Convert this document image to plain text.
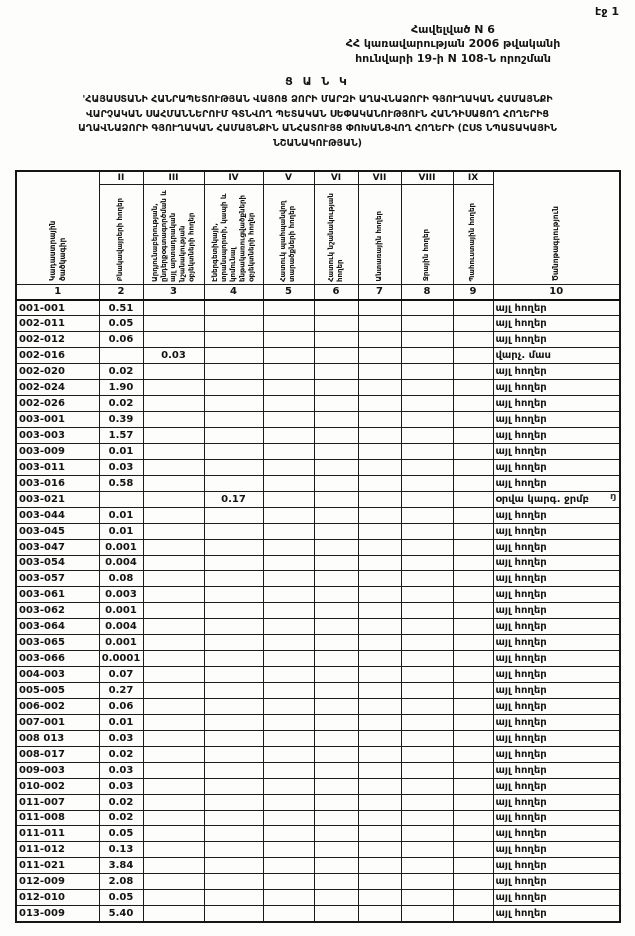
էջ 1
Հավելված N 6
ՀՀ կառավարության 2006 թվականի
հունվարի 19-ի N 108-Ն որոշման
Ց Ա Ն Կ
'ՀԱՅԱՍՏԱՆԻ ՀԱՆՐԱՊԵՏՈՒԹՅԱՆ ՎԱՅՈՑ ՁՈՐԻ ՄԱՐԶԻ ԱՂԱՎՆԱՁՈՐԻ ԳՅՈՒՂԱԿԱՆ ՀԱՄԱՅՆՔԻ
ՎԱՐՉԱԿԱՆ ՍԱՀՄԱՆՆԵՐՈՒՄ ԳՏՆՎՈՂ ՊԵՏԱԿԱՆ ՍԵՓԱԿԱՆՈՒԹՅՈՒՆ ՀԱՆԴԻՍԱՑՈՂ ՀՈՂԵՐԻՑ
ԱՂԱՎՆԱՁՈՐԻ ԳՅՈՒՂԱԿԱՆ ՀԱՄԱՅՆՔԻՆ ԱՆՀԱՏՈՒՅՑ ՓՈԽԱՆՑՎՈՂ ՀՈՂԵՐԻ (ԸՍՏ ՆՊԱՏԱԿԱՅԻՆ
ՆՇԱՆԱԿՈՒԹՅԱՆ)
Կադաստրային ծածկագիր	II	III	IV	V	VI	VII	VIII	IX	Ծանոթագրություն

	Բնակավայրերի հողեր	Արդյունաբերության, ընդերքօգտագործման և այլ արտադրական նշանակության օբյեկտների հողեր	Էներգետիկայի, տրանսպորտի, կապի և կոմունալ ենթակառուցվածքների օբյեկտների հողեր	Հատուկ պահպանվող տարածքների հողեր	Հատուկ նշանակության հողեր	Անտառային հողեր	Ջրային հողեր	Պահուստային հողեր	

1	2	3	4	5	6	7	8	9	10
001-001	0.51								այլ հողեր
002-011	0.05								այլ հողեր
002-012	0.06								այլ հողեր
002-016		0.03							վարչ. մաս
002-020	0.02								այլ հողեր
002-024	1.90								այլ հողեր
002-026	0.02								այլ հողեր
003-001	0.39								այլ հողեր
003-003	1.57								այլ հողեր
003-009	0.01								այլ հողեր
003-011	0.03								այլ հողեր
003-016	0.58								այլ հողեր
003-021			0.17						օրվա կարգ. ջրմբ
003-044	0.01								այլ հողեր
003-045	0.01								այլ հողեր
003-047	0.001								այլ հողեր
003-054	0.004								այլ հողեր
003-057	0.08								այլ հողեր
003-061	0.003								այլ հողեր
003-062	0.001								այլ հողեր
003-064	0.004								այլ հողեր
003-065	0.001								այլ հողեր
003-066	0.0001								այլ հողեր
004-003	0.07								այլ հողեր
005-005	0.27								այլ հողեր
006-002	0.06								այլ հողեր
007-001	0.01								այլ հողեր
008 013	0.03								այլ հողեր
008-017	0.02								այլ հողեր
009-003	0.03								այլ հողեր
010-002	0.03								այլ հողեր
011-007	0.02								այլ հողեր
011-008	0.02								այլ հողեր
011-011	0.05								այլ հողեր
011-012	0.13								այլ հողեր
011-021	3.84								այլ հողեր
012-009	2.08								այլ հողեր
012-010	0.05								այլ հողեր
013-009	5.40								այլ հողեր
ŋ
